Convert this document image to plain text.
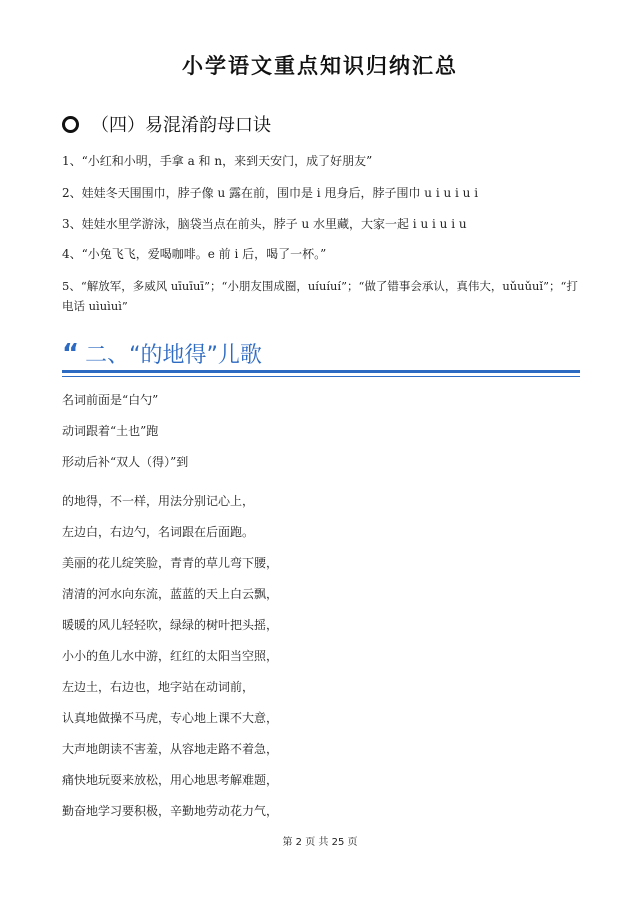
小学语文重点知识归纳汇总
（四）易混淆韵母口诀
1、“小红和小明，手拿 a 和 n，来到天安门，成了好朋友”
2、娃娃冬天围围巾，脖子像 u 露在前，围巾是 i 甩身后，脖子围巾 u i u i u i
3、娃娃水里学游泳，脑袋当点在前头，脖子 u 水里藏，大家一起 i u i u i u
4、“小兔飞飞，爱喝咖啡。e 前 i 后，喝了一杯。”
5、“解放军，多威风 uīuīuī”；“小朋友围成圈，uíuíuí”；“做了错事会承认，真伟大，uǔuǔuǐ”；“打电话 uìuìuì”
“ 二、“的地得”儿歌
名词前面是“白勺”
动词跟着“土也”跑
形动后补“双人（得）”到
的地得，不一样，用法分别记心上，
左边白，右边勺，名词跟在后面跑。
美丽的花儿绽笑脸，青青的草儿弯下腰，
清清的河水向东流，蓝蓝的天上白云飘，
暖暖的风儿轻轻吹，绿绿的树叶把头摇，
小小的鱼儿水中游，红红的太阳当空照，
左边土，右边也，地字站在动词前，
认真地做操不马虎，专心地上课不大意，
大声地朗读不害羞，从容地走路不着急，
痛快地玩耍来放松，用心地思考解难题，
勤奋地学习要积极，辛勤地劳动花力气，
第 2 页 共 25 页
